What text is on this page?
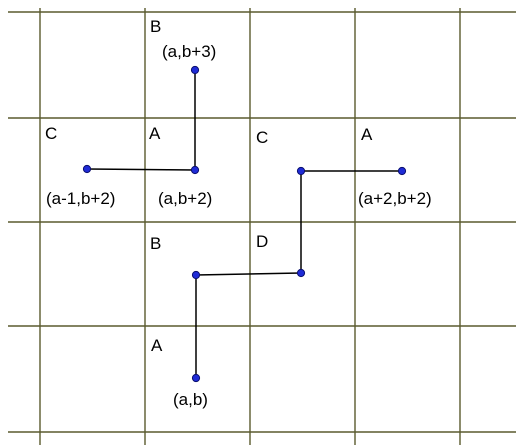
B
C	A	C	A
B	D
A
(a,b+3)
(a-1,b+2)	(a,b+2)	(a+2,b+2)
(a,b)
